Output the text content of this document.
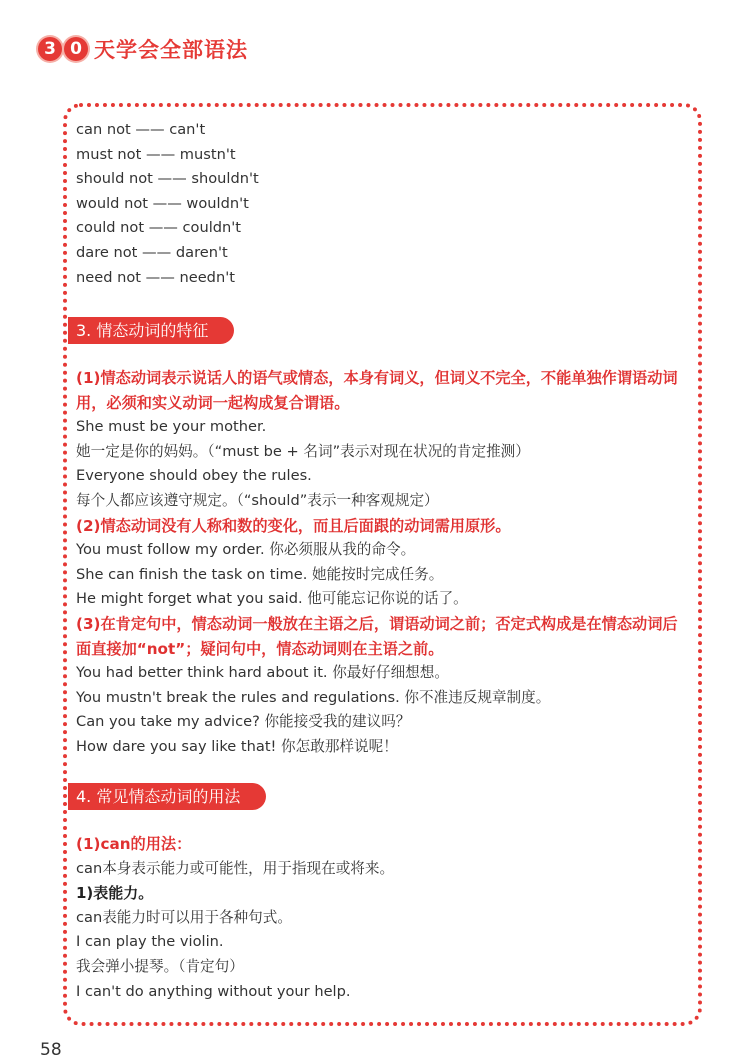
3 0 天学会全部语法
can not —— can't
must not —— mustn't
should not —— shouldn't
would not —— wouldn't
could not —— couldn't
dare not —— daren't
need not —— needn't
3. 情态动词的特征
(1)情态动词表示说话人的语气或情态，本身有词义，但词义不完全，不能单独作谓语动词用，必须和实义动词一起构成复合谓语。
She must be your mother.
她一定是你的妈妈。（“must be + 名词”表示对现在状况的肯定推测）
Everyone should obey the rules.
每个人都应该遵守规定。（“should”表示一种客观规定）
(2)情态动词没有人称和数的变化，而且后面跟的动词需用原形。
You must follow my order. 你必须服从我的命令。
She can finish the task on time. 她能按时完成任务。
He might forget what you said. 他可能忘记你说的话了。
(3)在肯定句中，情态动词一般放在主语之后，谓语动词之前；否定式构成是在情态动词后面直接加“not”；疑问句中，情态动词则在主语之前。
You had better think hard about it. 你最好仔细想想。
You mustn't break the rules and regulations. 你不准违反规章制度。
Can you take my advice? 你能接受我的建议吗？
How dare you say like that! 你怎敢那样说呢！
4. 常见情态动词的用法
(1)can的用法：
can本身表示能力或可能性，用于指现在或将来。
1)表能力。
can表能力时可以用于各种句式。
I can play the violin.
我会弹小提琴。（肯定句）
I can't do anything without your help.
58
